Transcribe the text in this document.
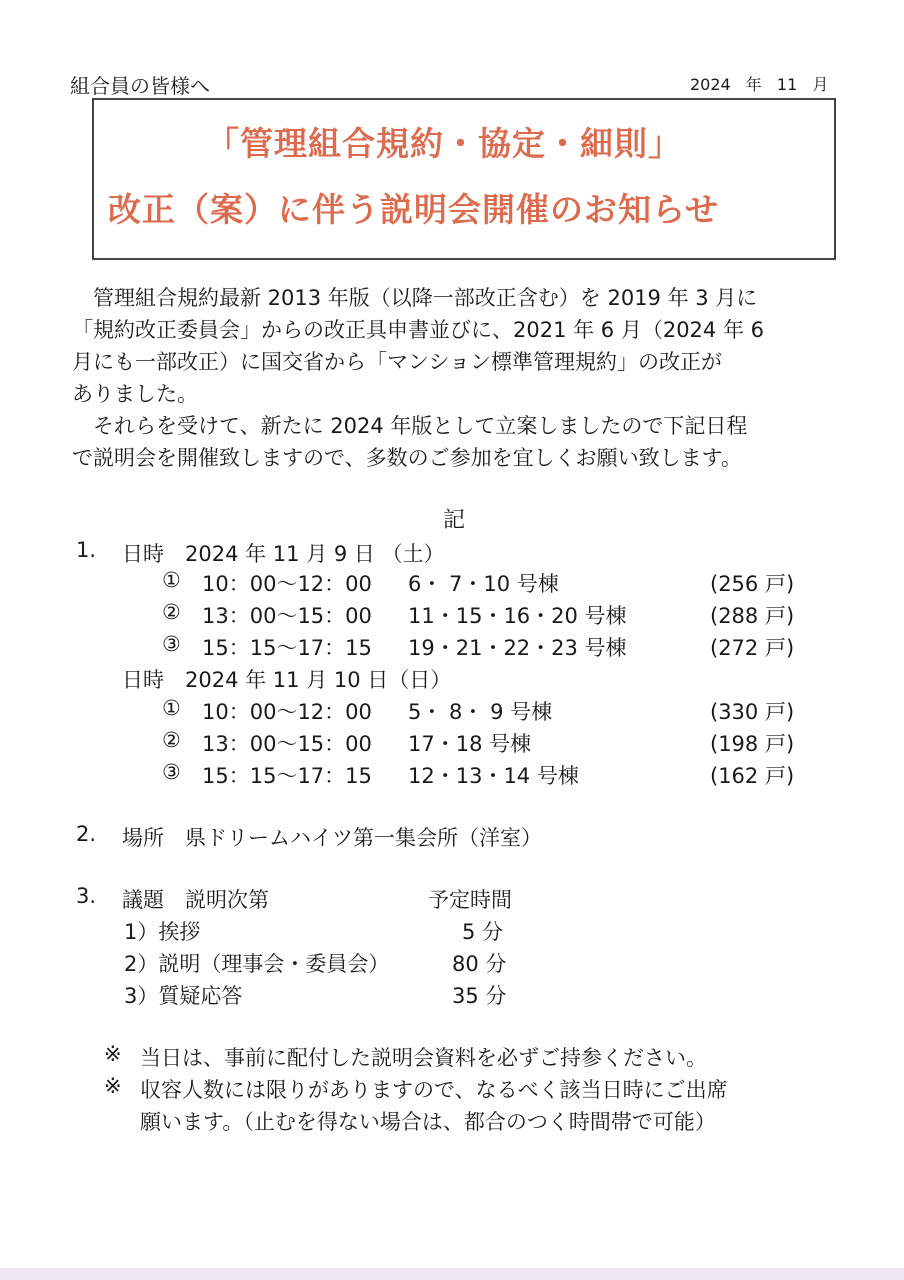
組合員の皆様へ	2024 年 11 月
「管理組合規約・協定・細則」
改正（案）に伴う説明会開催のお知らせ
　管理組合規約最新 2013 年版（以降一部改正含む）を 2019 年 3 月に
「規約改正委員会」からの改正具申書並びに、2021 年 6 月（2024 年 6
月にも一部改正）に国交省から「マンション標準管理規約」の改正が
ありました。
　それらを受けて、新たに 2024 年版として立案しましたので下記日程
で説明会を開催致しますので、多数のご参加を宜しくお願い致します。
記
1. 日時　2024 年 11 月 9 日 （土）
① 10：00〜12：00 6・ 7・10 号棟	(256 戸)
② 13：00〜15：00 11・15・16・20 号棟	(288 戸)
③ 15：15〜17：15 19・21・22・23 号棟	(272 戸)
日時　2024 年 11 月 10 日（日）
① 10：00〜12：00 5・ 8・ 9 号棟	(330 戸)
② 13：00〜15：00 17・18 号棟	(198 戸)
③ 15：15〜17：15 12・13・14 号棟	(162 戸)
2. 場所　県ドリームハイツ第一集会所（洋室）
3. 議題　説明次第	予定時間
1）挨拶	5 分
2）説明（理事会・委員会）	80 分
3）質疑応答	35 分
※ 当日は、事前に配付した説明会資料を必ずご持参ください。
※ 収容人数には限りがありますので、なるべく該当日時にご出席
願います。（止むを得ない場合は、都合のつく時間帯で可能）
